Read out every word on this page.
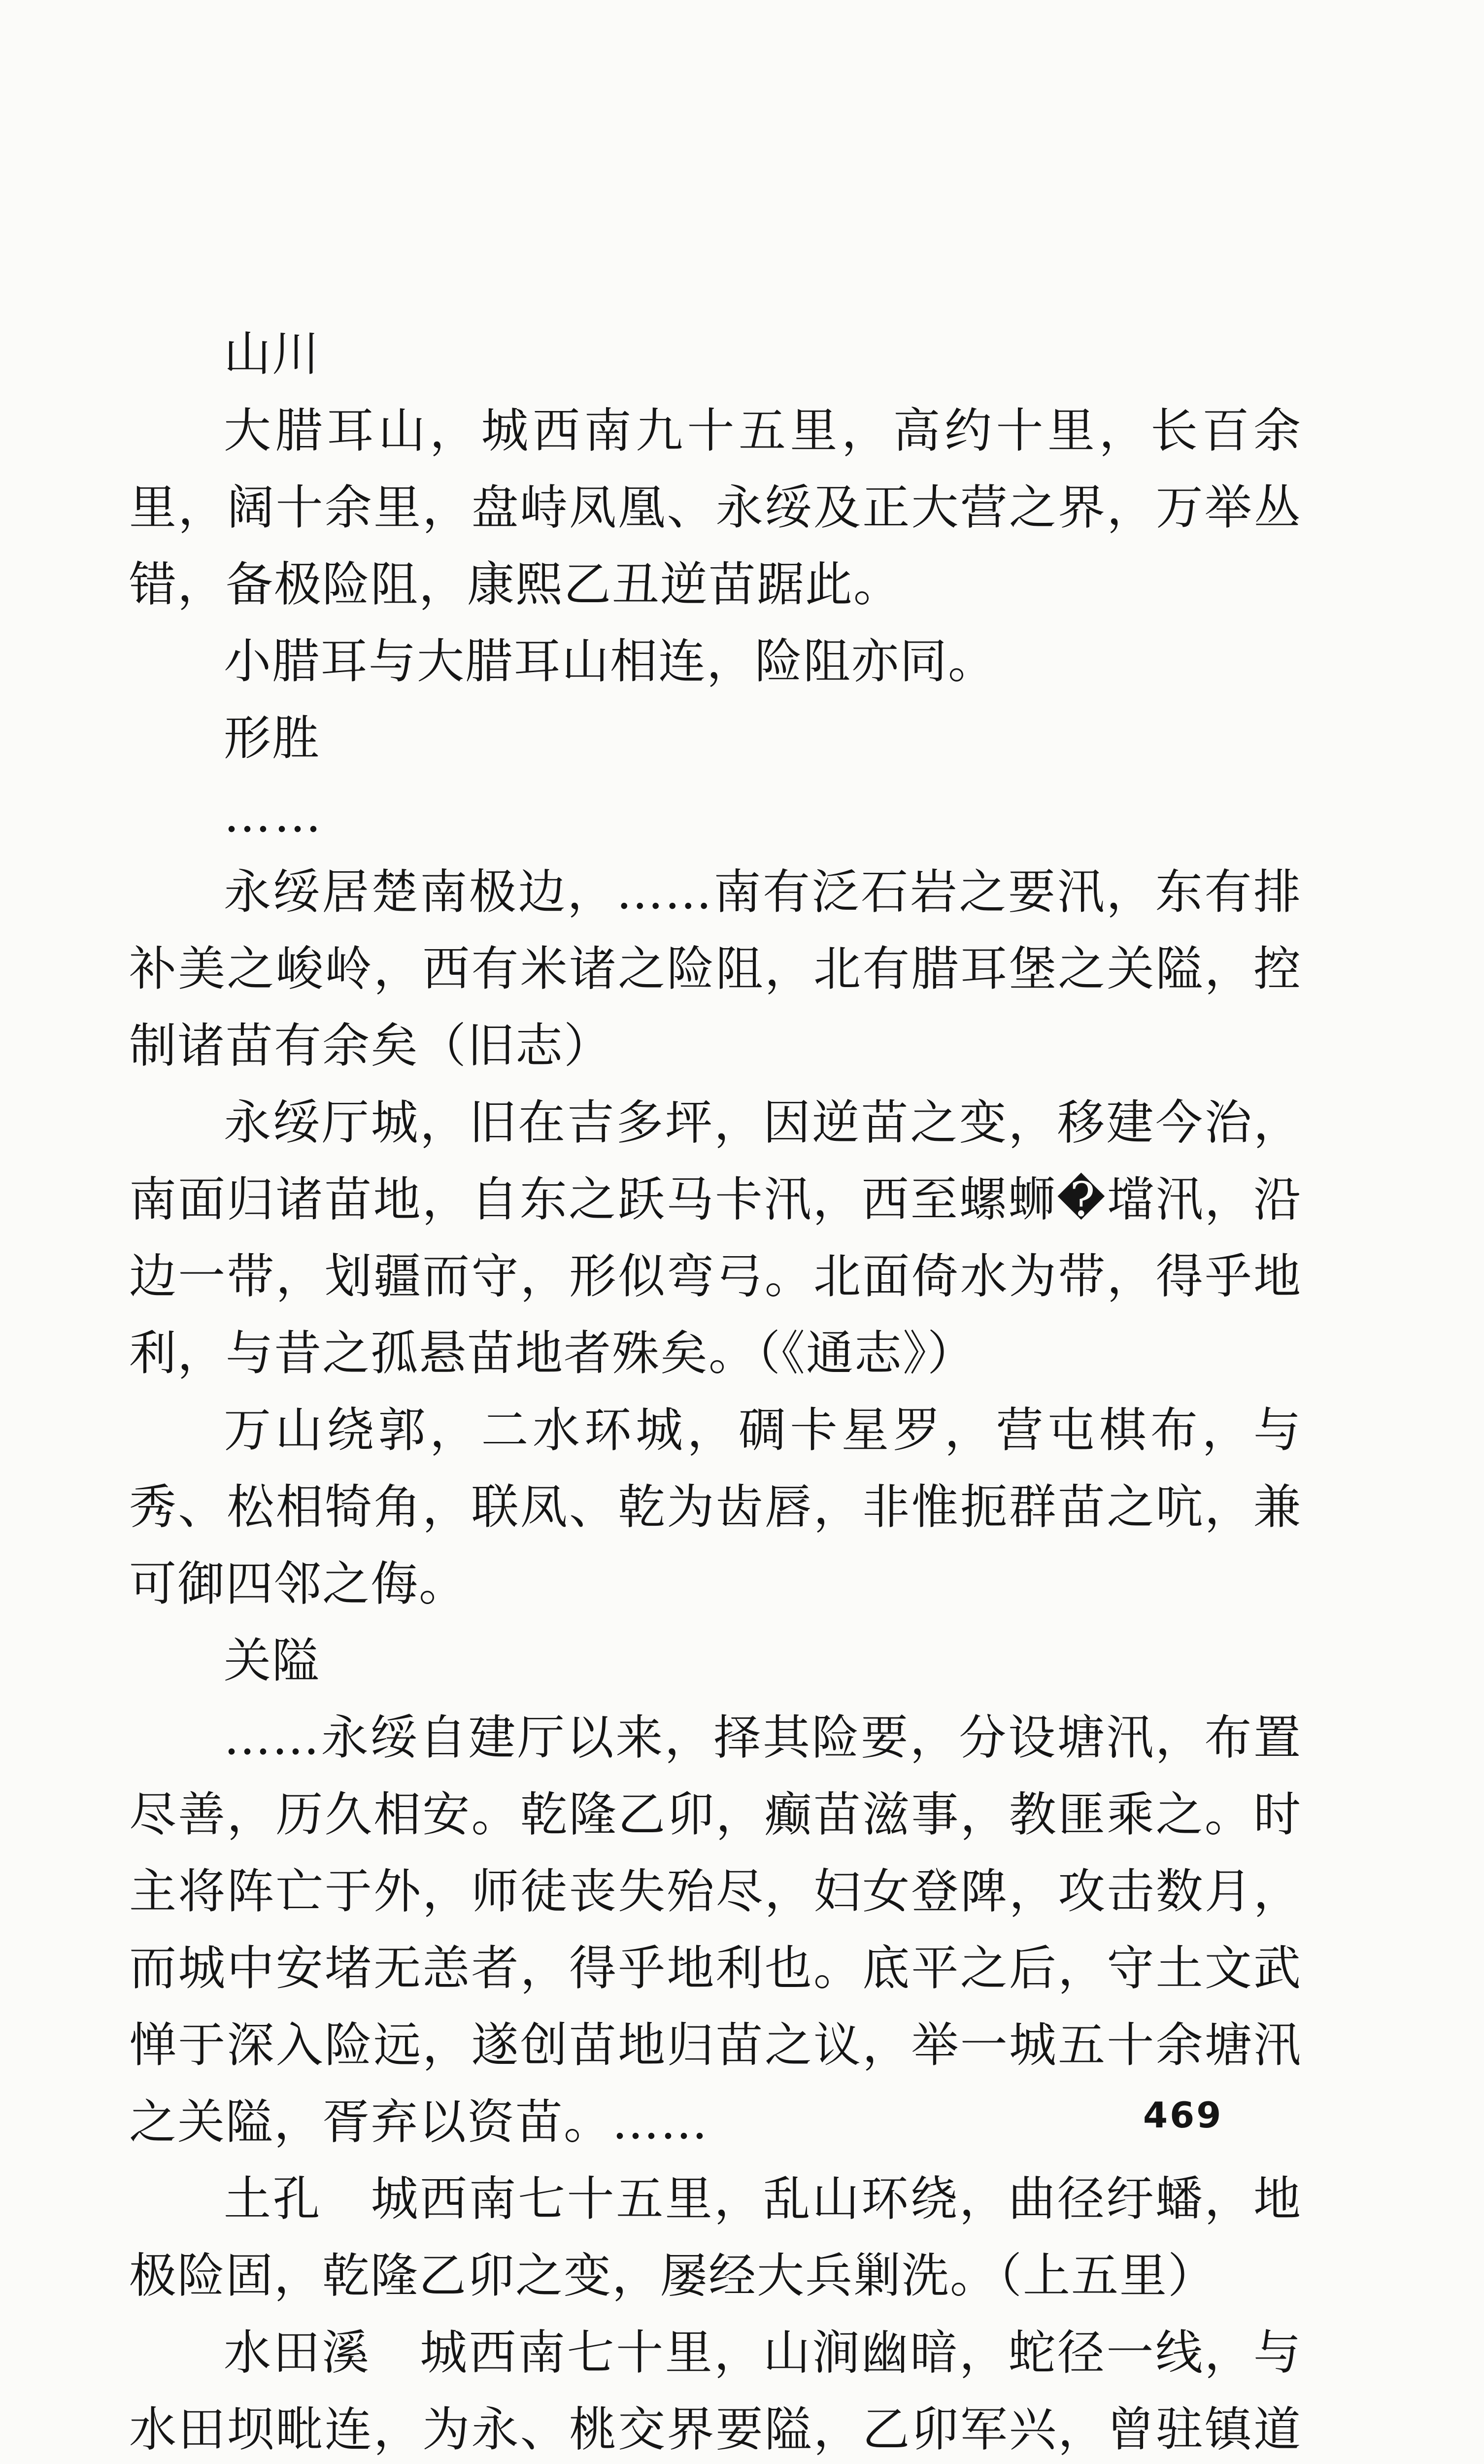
山川

大腊耳山，城西南九十五里，高约十里，长百余里，阔十余里，盘峙凤凰、永绥及正大营之界，万举丛错，备极险阻，康熙乙丑逆苗踞此。

小腊耳与大腊耳山相连，险阻亦同。

形胜

……

永绥居楚南极边，……南有泛石岩之要汛，东有排补美之峻岭，西有米诸之险阻，北有腊耳堡之关隘，控制诸苗有余矣（旧志）

永绥厅城，旧在吉多坪，因逆苗之变，移建今治，南面归诸苗地，自东之跃马卡汛，西至螺蛳�壋汛，沿边一带，划疆而守，形似弯弓。北面倚水为带，得乎地利，与昔之孤悬苗地者殊矣。（《通志》）

万山绕郭，二水环城，碉卡星罗，营屯棋布，与秀、松相犄角，联凤、乾为齿唇，非惟扼群苗之吭，兼可御四邻之侮。

关隘

……永绥自建厅以来，择其险要，分设塘汛，布置尽善，历久相安。乾隆乙卯，癫苗滋事，教匪乘之。时主将阵亡于外，师徒丧失殆尽，妇女登陴，攻击数月，而城中安堵无恙者，得乎地利也。底平之后，守土文武惮于深入险远，遂创苗地归苗之议，举一城五十余塘汛之关隘，胥弃以资苗。……

土孔　城西南七十五里，乱山环绕，曲径纡蟠，地极险固，乾隆乙卯之变，屡经大兵剿洗。（上五里）

水田溪　城西南七十里，山涧幽暗，蛇径一线，与水田坝毗连，为永、桃交界要隘，乙卯军兴，曾驻镇道

469
